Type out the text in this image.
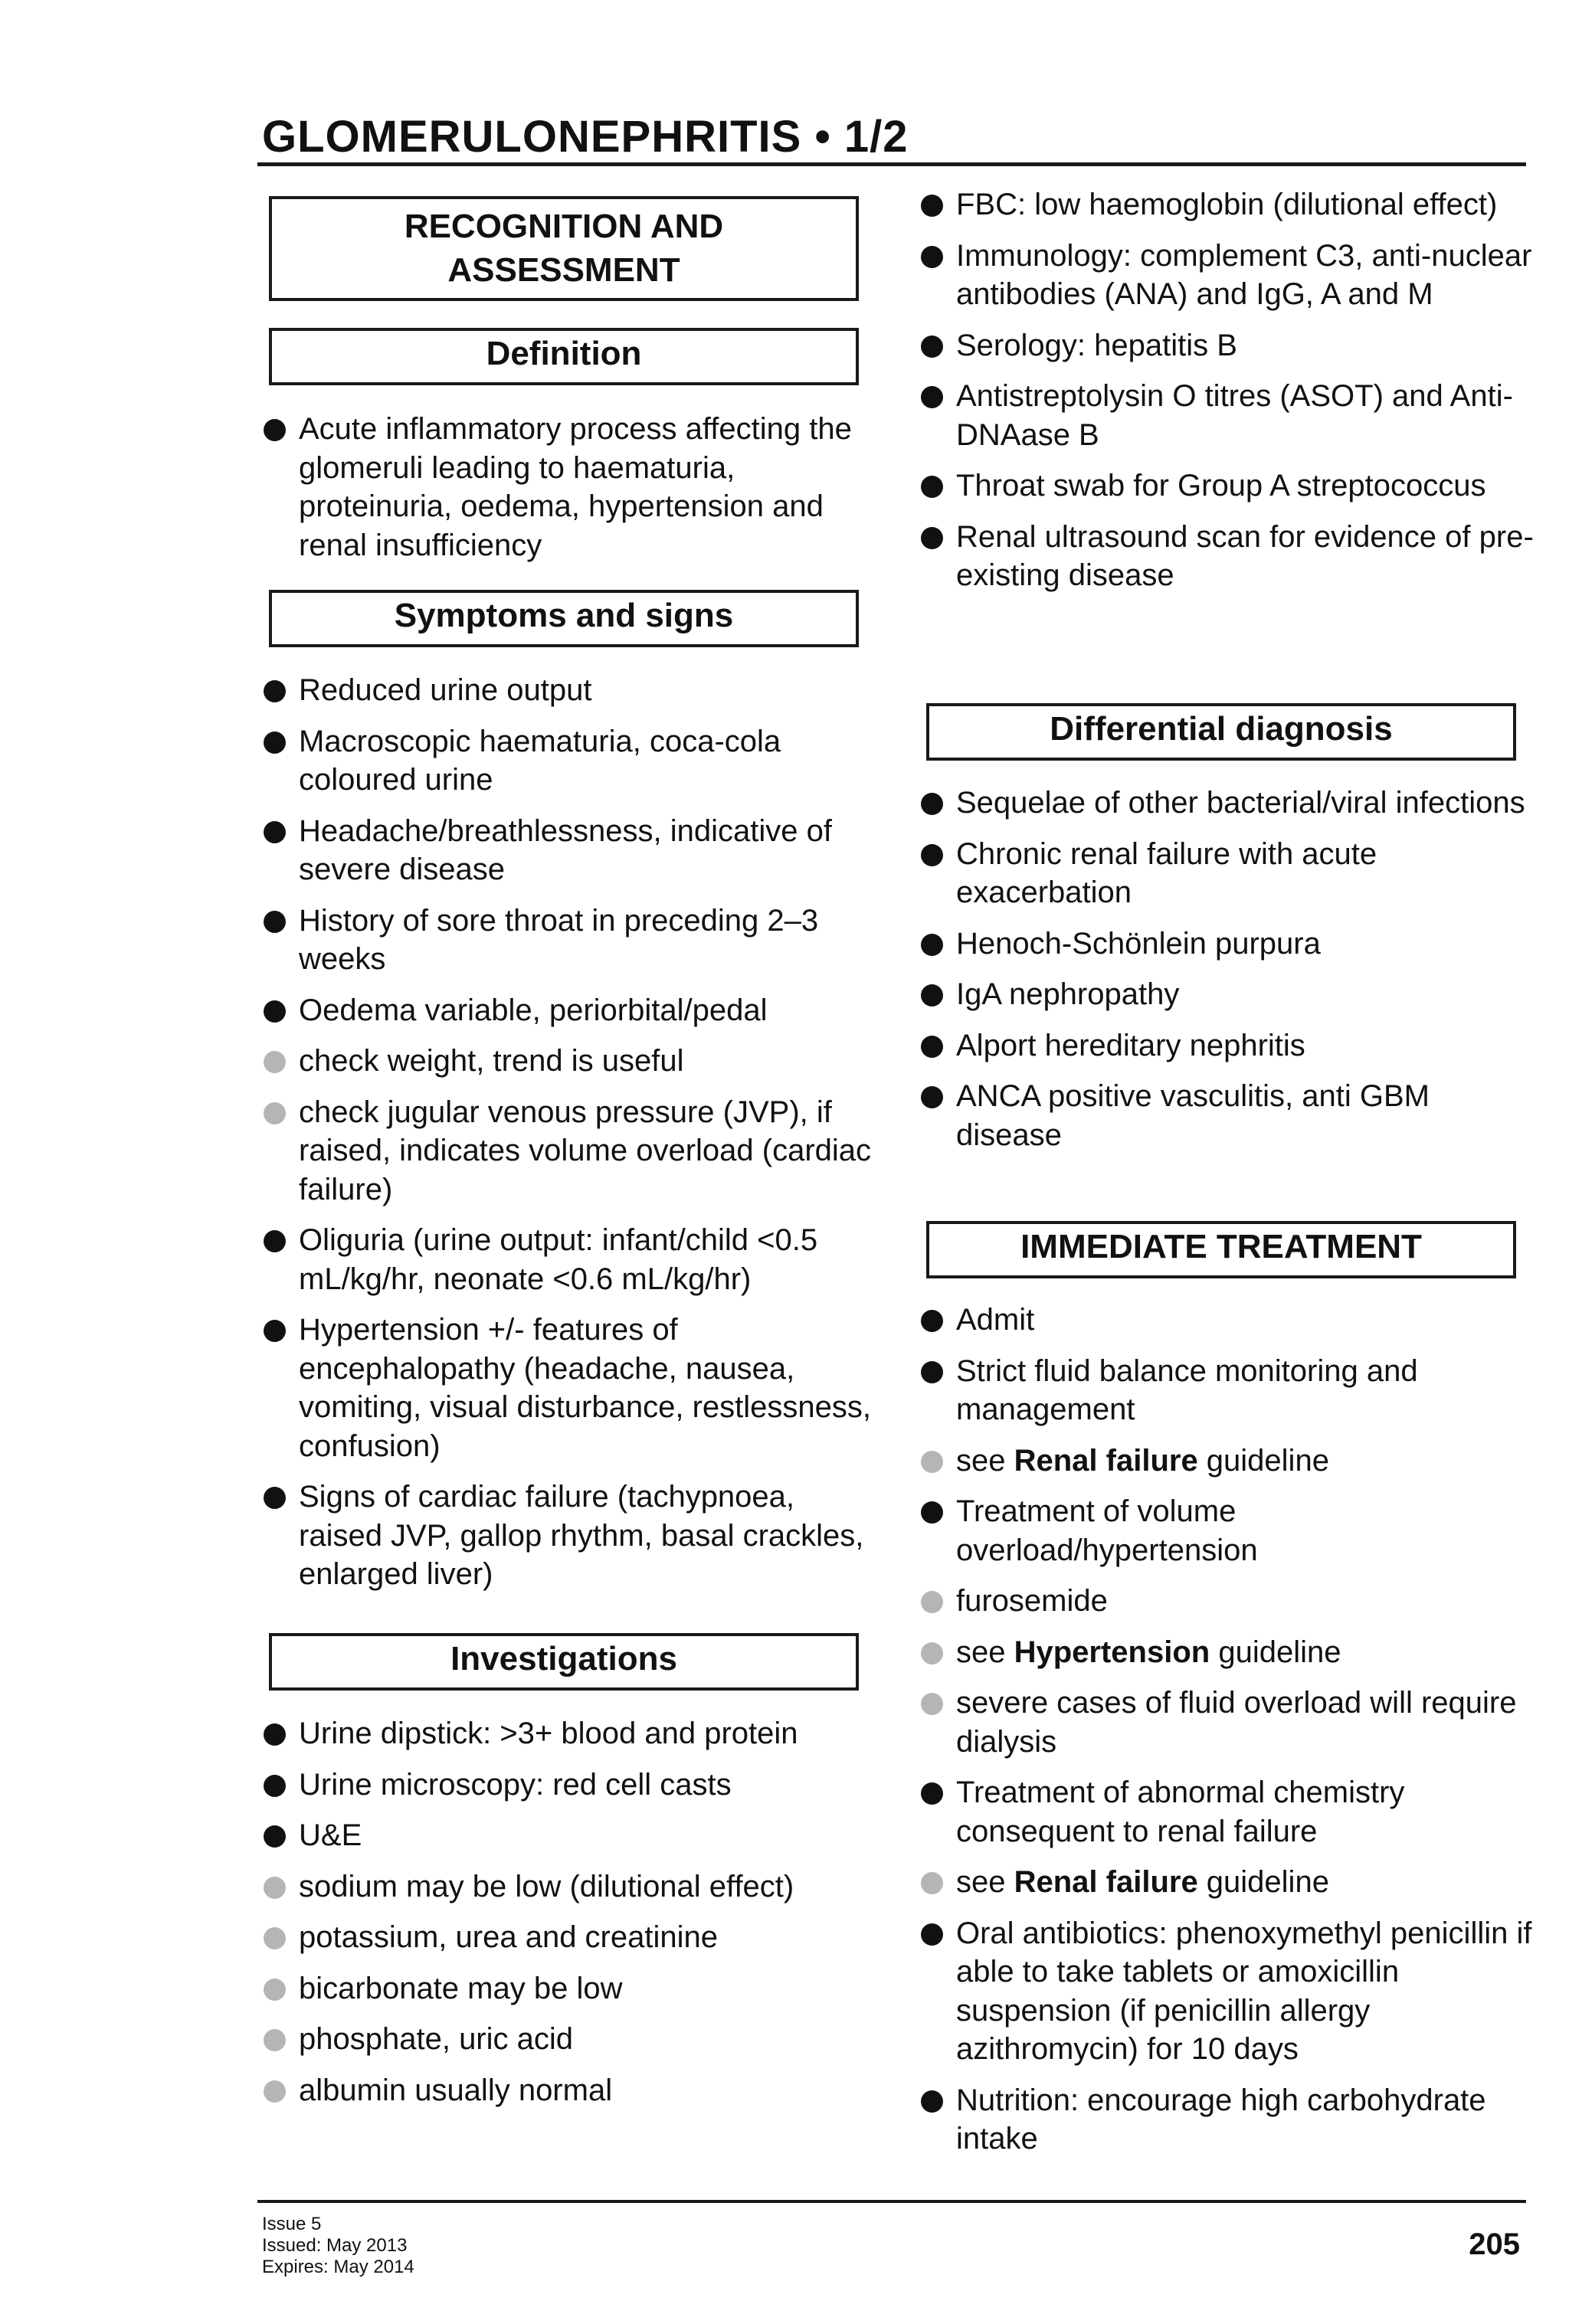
GLOMERULONEPHRITIS • 1/2
RECOGNITION AND ASSESSMENT
Definition
Acute inflammatory process affecting the glomeruli leading to haematuria, proteinuria, oedema, hypertension and renal insufficiency
Symptoms and signs
Reduced urine output
Macroscopic haematuria, coca-cola coloured urine
Headache/breathlessness, indicative of severe disease
History of sore throat in preceding 2–3 weeks
Oedema variable, periorbital/pedal
check weight, trend is useful
check jugular venous pressure (JVP), if raised, indicates volume overload (cardiac failure)
Oliguria (urine output: infant/child <0.5 mL/kg/hr, neonate <0.6 mL/kg/hr)
Hypertension +/- features of encephalopathy (headache, nausea, vomiting, visual disturbance, restlessness, confusion)
Signs of cardiac failure (tachypnoea, raised JVP, gallop rhythm, basal crackles, enlarged liver)
Investigations
Urine dipstick: >3+ blood and protein
Urine microscopy: red cell casts
U&E
sodium may be low (dilutional effect)
potassium, urea and creatinine
bicarbonate may be low
phosphate, uric acid
albumin usually normal
FBC: low haemoglobin (dilutional effect)
Immunology: complement C3, anti-nuclear antibodies (ANA) and IgG, A and M
Serology: hepatitis B
Antistreptolysin O titres (ASOT) and Anti-DNAase B
Throat swab for Group A streptococcus
Renal ultrasound scan for evidence of pre-existing disease
Differential diagnosis
Sequelae of other bacterial/viral infections
Chronic renal failure with acute exacerbation
Henoch-Schönlein purpura
IgA nephropathy
Alport hereditary nephritis
ANCA positive vasculitis, anti GBM disease
IMMEDIATE TREATMENT
Admit
Strict fluid balance monitoring and management
see Renal failure guideline
Treatment of volume overload/hypertension
furosemide
see Hypertension guideline
severe cases of fluid overload will require dialysis
Treatment of abnormal chemistry consequent to renal failure
see Renal failure guideline
Oral antibiotics: phenoxymethyl penicillin if able to take tablets or amoxicillin suspension (if penicillin allergy azithromycin) for 10 days
Nutrition: encourage high carbohydrate intake
Issue 5
Issued: May 2013
Expires: May 2014
205
